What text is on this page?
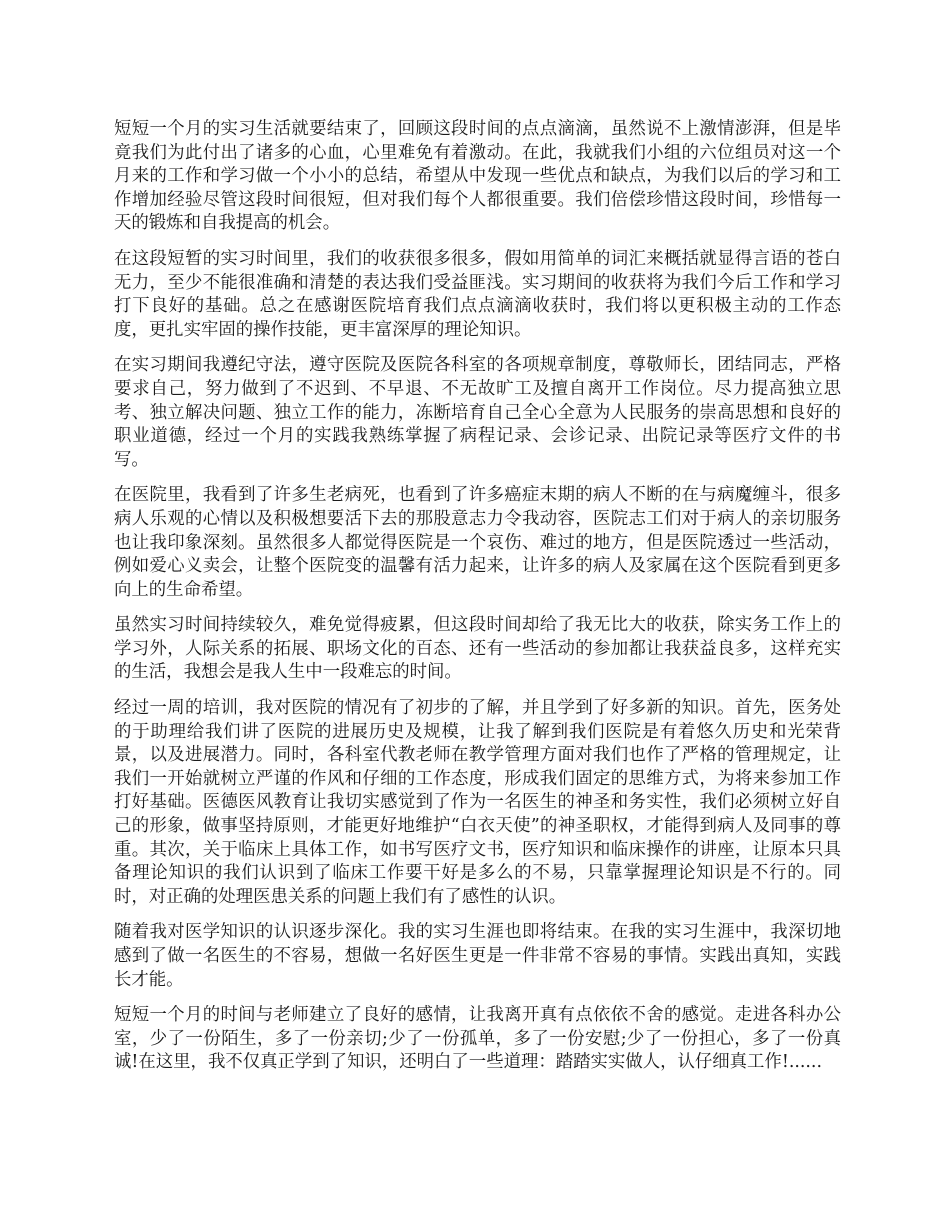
短短一个月的实习生活就要结束了，回顾这段时间的点点滴滴，虽然说不上激情澎湃，但是毕竟我们为此付出了诸多的心血，心里难免有着激动。在此，我就我们小组的六位组员对这一个月来的工作和学习做一个小小的总结，希望从中发现一些优点和缺点，为我们以后的学习和工作增加经验尽管这段时间很短，但对我们每个人都很重要。我们倍偿珍惜这段时间，珍惜每一天的锻炼和自我提高的机会。

在这段短暂的实习时间里，我们的收获很多很多，假如用简单的词汇来概括就显得言语的苍白无力，至少不能很准确和清楚的表达我们受益匪浅。实习期间的收获将为我们今后工作和学习打下良好的基础。总之在感谢医院培育我们点点滴滴收获时，我们将以更积极主动的工作态度，更扎实牢固的操作技能，更丰富深厚的理论知识。

在实习期间我遵纪守法，遵守医院及医院各科室的各项规章制度，尊敬师长，团结同志，严格要求自己，努力做到了不迟到、不早退、不无故旷工及擅自离开工作岗位。尽力提高独立思考、独立解决问题、独立工作的能力，冻断培育自己全心全意为人民服务的崇高思想和良好的职业道德，经过一个月的实践我熟练掌握了病程记录、会诊记录、出院记录等医疗文件的书写。

在医院里，我看到了许多生老病死，也看到了许多癌症末期的病人不断的在与病魔缠斗，很多病人乐观的心情以及积极想要活下去的那股意志力令我动容，医院志工们对于病人的亲切服务也让我印象深刻。虽然很多人都觉得医院是一个哀伤、难过的地方，但是医院透过一些活动，例如爱心义卖会，让整个医院变的温馨有活力起来，让许多的病人及家属在这个医院看到更多向上的生命希望。

虽然实习时间持续较久，难免觉得疲累，但这段时间却给了我无比大的收获，除实务工作上的学习外，人际关系的拓展、职场文化的百态、还有一些活动的参加都让我获益良多，这样充实的生活，我想会是我人生中一段难忘的时间。

经过一周的培训，我对医院的情况有了初步的了解，并且学到了好多新的知识。首先，医务处的于助理给我们讲了医院的进展历史及规模，让我了解到我们医院是有着悠久历史和光荣背景，以及进展潜力。同时，各科室代教老师在教学管理方面对我们也作了严格的管理规定，让我们一开始就树立严谨的作风和仔细的工作态度，形成我们固定的思维方式，为将来参加工作打好基础。医德医风教育让我切实感觉到了作为一名医生的神圣和务实性，我们必须树立好自己的形象，做事坚持原则，才能更好地维护“白衣天使”的神圣职权，才能得到病人及同事的尊重。其次，关于临床上具体工作，如书写医疗文书，医疗知识和临床操作的讲座，让原本只具备理论知识的我们认识到了临床工作要干好是多么的不易，只靠掌握理论知识是不行的。同时，对正确的处理医患关系的问题上我们有了感性的认识。

随着我对医学知识的认识逐步深化。我的实习生涯也即将结束。在我的实习生涯中，我深切地感到了做一名医生的不容易，想做一名好医生更是一件非常不容易的事情。实践出真知，实践长才能。

短短一个月的时间与老师建立了良好的感情，让我离开真有点依依不舍的感觉。走进各科办公室，少了一份陌生，多了一份亲切;少了一份孤单，多了一份安慰;少了一份担心，多了一份真诚!在这里，我不仅真正学到了知识，还明白了一些道理：踏踏实实做人，认仔细真工作!......
